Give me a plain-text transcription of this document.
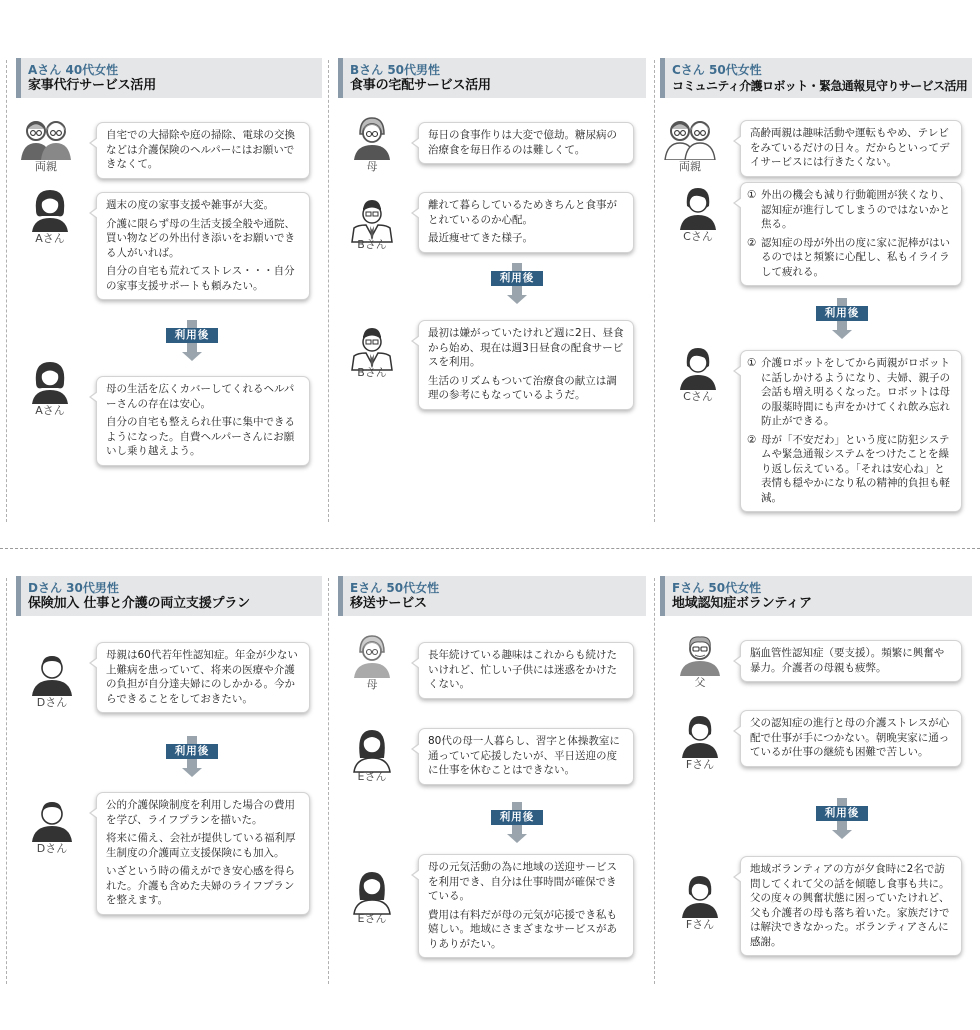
Aさん 40代女性
家事代行サービス活用
両親

自宅での大掃除や庭の掃除、電球の交換などは介護保険のヘルパーにはお願いできなくて。

Aさん

週末の度の家事支援や雑事が大変。

介護に限らず母の生活支援全般や通院、買い物などの外出付き添いをお願いできる人がいれば。

自分の自宅も荒れてストレス・・・自分の家事支援サポートも頼みたい。

利用後
Aさん

母の生活を広くカバーしてくれるヘルパーさんの存在は安心。

自分の自宅も整えられ仕事に集中できるようになった。自費ヘルパーさんにお願いし乗り越えよう。

Bさん 50代男性
食事の宅配サービス活用
母

毎日の食事作りは大変で億劫。糖尿病の治療食を毎日作るのは難しくて。

Bさん

離れて暮らしているためきちんと食事がとれているのか心配。

最近痩せてきた様子。

利用後
Bさん

最初は嫌がっていたけれど週に2日、昼食から始め、現在は週3日昼食の配食サービスを利用。

生活のリズムもついて治療食の献立は調理の参考にもなっているようだ。

Cさん 50代女性
コミュニティ介護ロボット・緊急通報見守りサービス活用
両親

高齢両親は趣味活動や運転もやめ、テレビをみているだけの日々。だからといってデイサービスには行きたくない。

Cさん
① 外出の機会も減り行動範囲が狭くなり、認知症が進行してしまうのではないかと焦る。
② 認知症の母が外出の度に家に泥棒がはいるのではと頻繁に心配し、私もイライラして疲れる。
利用後
Cさん
① 介護ロボットをしてから両親がロボットに話しかけるようになり、夫婦、親子の会話も増え明るくなった。ロボットは母の服薬時間にも声をかけてくれ飲み忘れ防止ができる。
② 母が「不安だわ」という度に防犯システムや緊急通報システムをつけたことを繰り返し伝えている。「それは安心ね」と表情も穏やかになり私の精神的負担も軽減。
Dさん 30代男性
保険加入 仕事と介護の両立支援プラン
Dさん

母親は60代若年性認知症。年金が少ない上難病を患っていて、将来の医療や介護の負担が自分達夫婦にのしかかる。今からできることをしておきたい。

利用後
Dさん

公的介護保険制度を利用した場合の費用を学び、ライフプランを描いた。

将来に備え、会社が提供している福利厚生制度の介護両立支援保険にも加入。

いざという時の備えができ安心感を得られた。介護も含めた夫婦のライフプランを整えます。

Eさん 50代女性
移送サービス
母

長年続けている趣味はこれからも続けたいけれど、忙しい子供には迷惑をかけたくない。

Eさん

80代の母一人暮らし、習字と体操教室に通っていて応援したいが、平日送迎の度に仕事を休むことはできない。

利用後
Eさん

母の元気活動の為に地域の送迎サービスを利用でき、自分は仕事時間が確保できている。

費用は有料だが母の元気が応援でき私も嬉しい。地域にさまざまなサービスがありありがたい。

Fさん 50代女性
地域認知症ボランティア
父

脳血管性認知症（要支援）。頻繁に興奮や暴力。介護者の母親も疲弊。

Fさん

父の認知症の進行と母の介護ストレスが心配で仕事が手につかない。朝晩実家に通っているが仕事の継続も困難で苦しい。

利用後
Fさん

地域ボランティアの方が夕食時に2名で訪問してくれて父の話を傾聴し食事も共に。父の度々の興奮状態に困っていたけれど、父も介護者の母も落ち着いた。家族だけでは解決できなかった。ボランティアさんに感謝。
